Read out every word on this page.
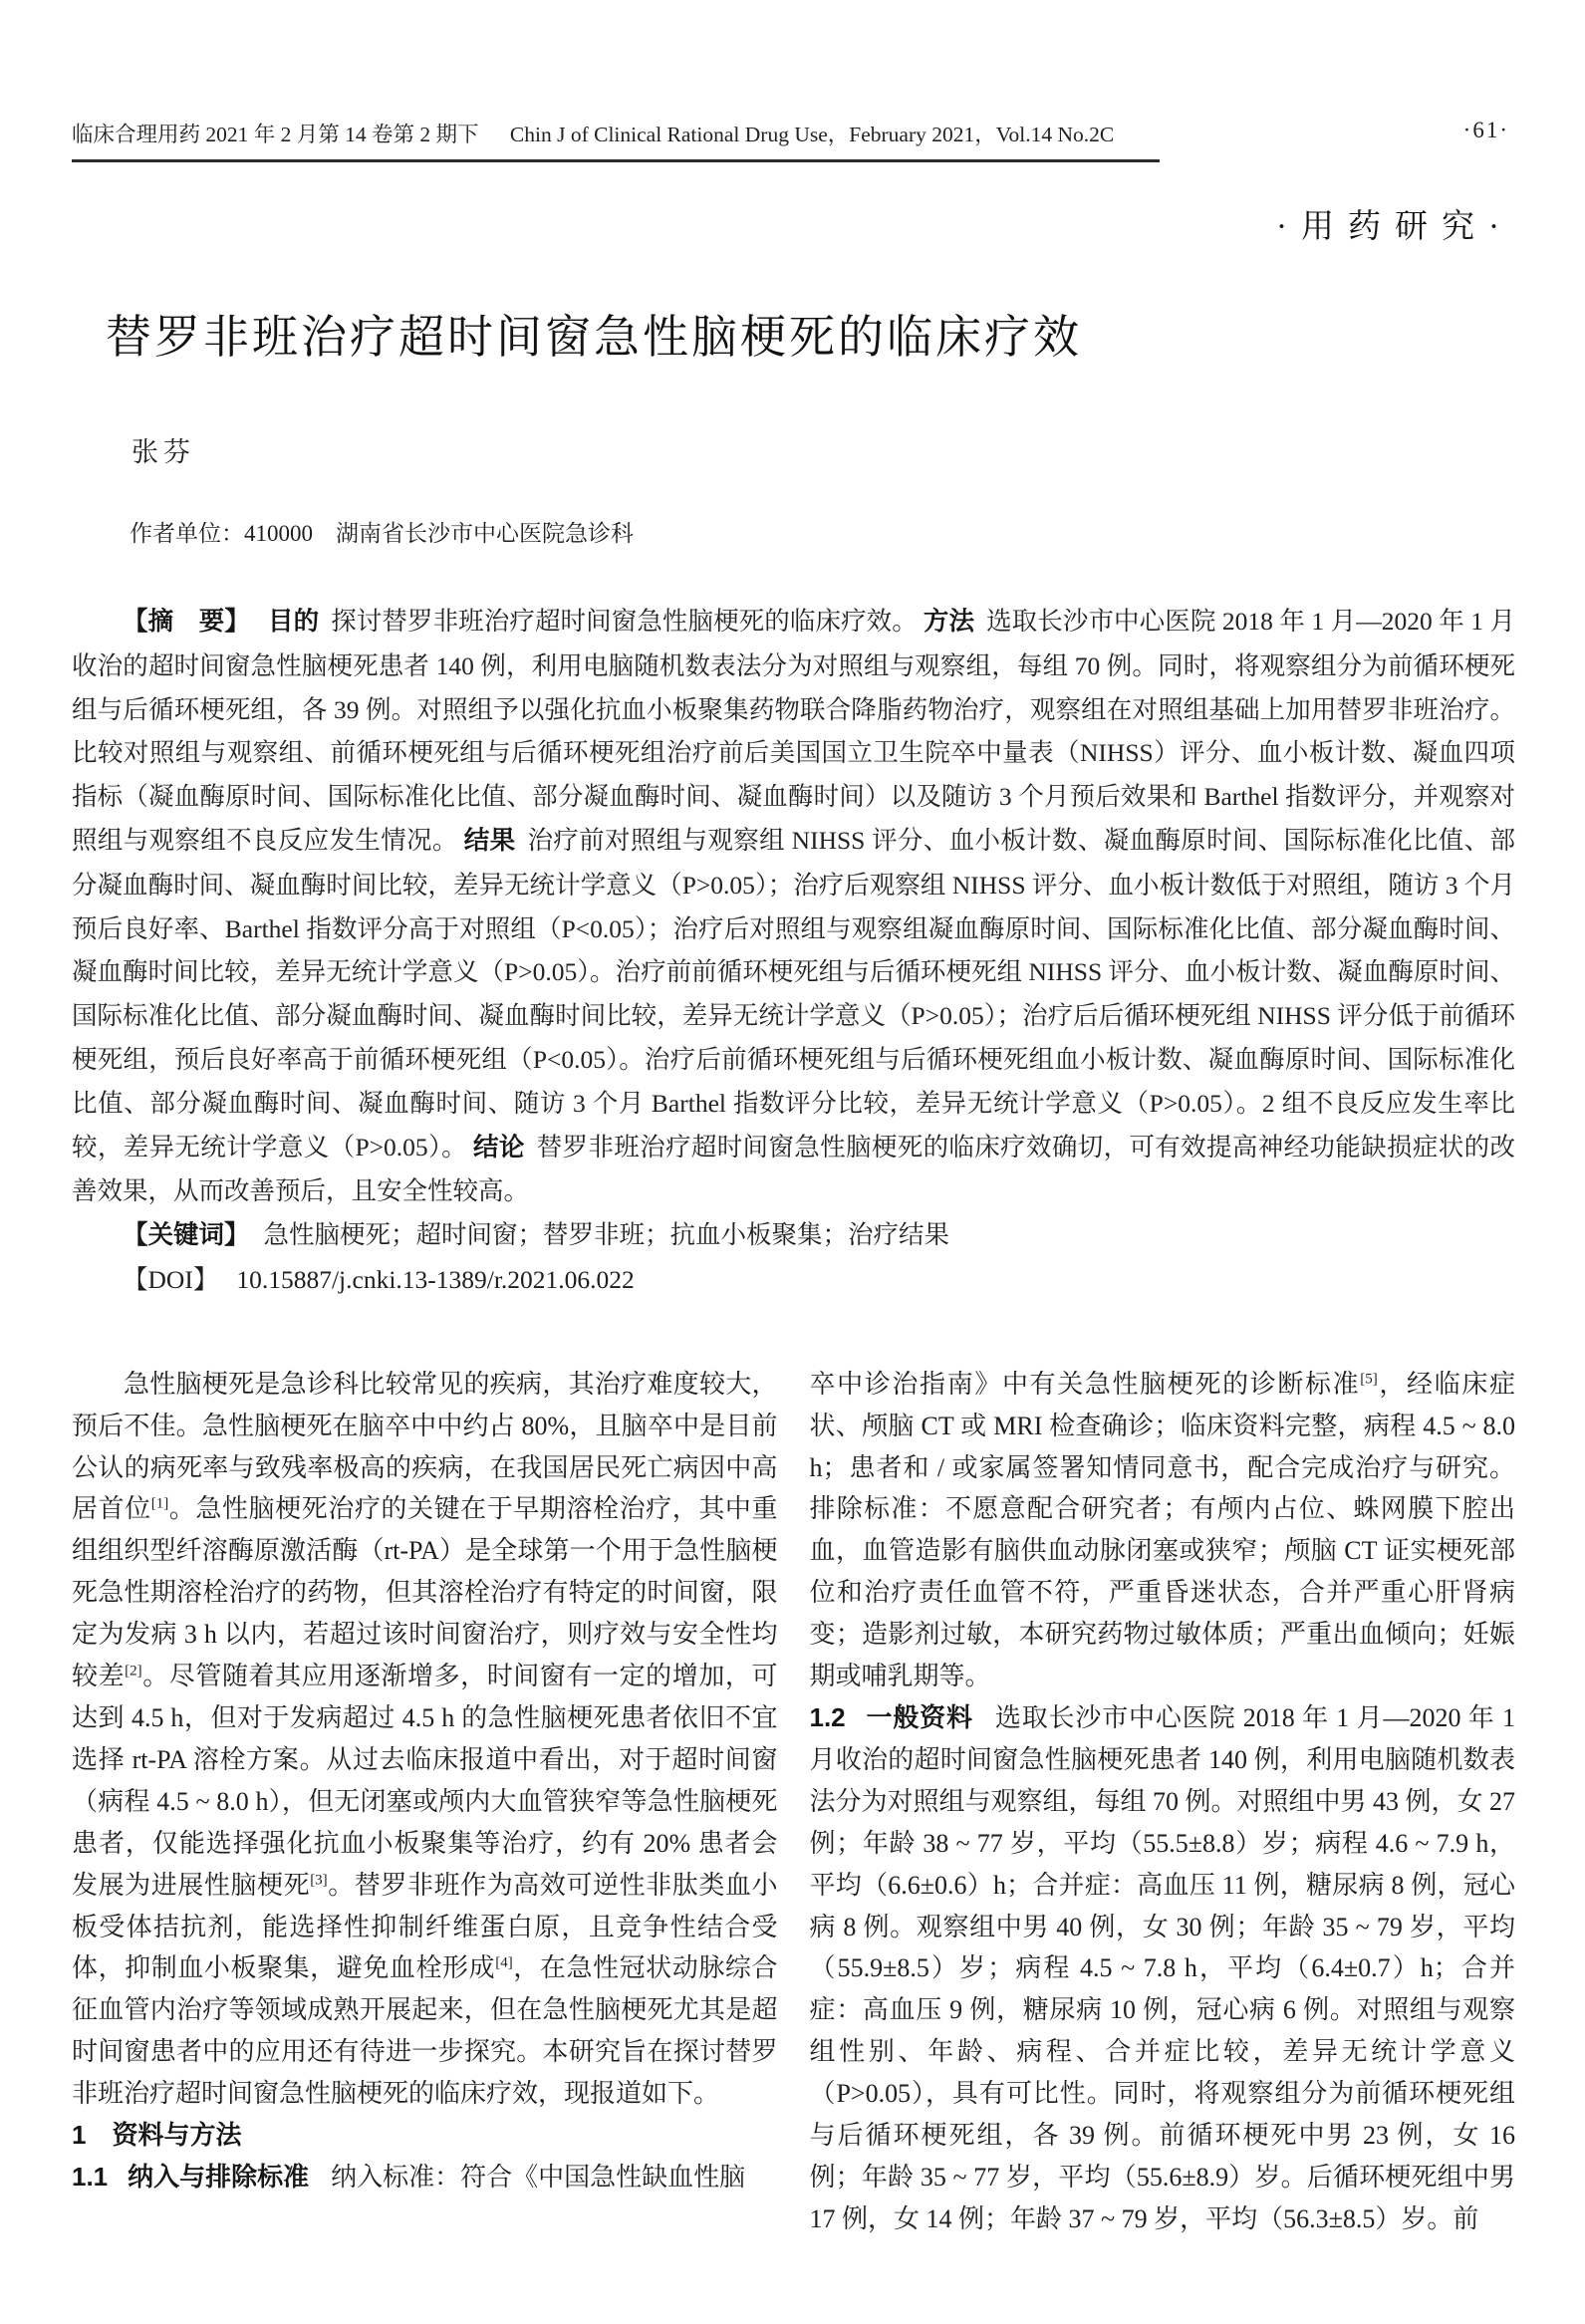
临床合理用药 2021 年 2 月第 14 卷第 2 期下 Chin J of Clinical Rational Drug Use，February 2021，Vol.14 No.2C	·61·
·用药研究·
替罗非班治疗超时间窗急性脑梗死的临床疗效
张芬
作者单位：410000　湖南省长沙市中心医院急诊科
【摘　要】 目的 探讨替罗非班治疗超时间窗急性脑梗死的临床疗效。 方法 选取长沙市中心医院 2018 年 1 月—2020 年 1 月收治的超时间窗急性脑梗死患者 140 例，利用电脑随机数表法分为对照组与观察组，每组 70 例。同时，将观察组分为前循环梗死组与后循环梗死组，各 39 例。对照组予以强化抗血小板聚集药物联合降脂药物治疗，观察组在对照组基础上加用替罗非班治疗。比较对照组与观察组、前循环梗死组与后循环梗死组治疗前后美国国立卫生院卒中量表（NIHSS）评分、血小板计数、凝血四项指标（凝血酶原时间、国际标准化比值、部分凝血酶时间、凝血酶时间）以及随访 3 个月预后效果和 Barthel 指数评分，并观察对照组与观察组不良反应发生情况。 结果 治疗前对照组与观察组 NIHSS 评分、血小板计数、凝血酶原时间、国际标准化比值、部分凝血酶时间、凝血酶时间比较，差异无统计学意义（P>0.05）；治疗后观察组 NIHSS 评分、血小板计数低于对照组，随访 3 个月预后良好率、Barthel 指数评分高于对照组（P<0.05）；治疗后对照组与观察组凝血酶原时间、国际标准化比值、部分凝血酶时间、凝血酶时间比较，差异无统计学意义（P>0.05）。治疗前前循环梗死组与后循环梗死组 NIHSS 评分、血小板计数、凝血酶原时间、国际标准化比值、部分凝血酶时间、凝血酶时间比较，差异无统计学意义（P>0.05）；治疗后后循环梗死组 NIHSS 评分低于前循环梗死组，预后良好率高于前循环梗死组（P<0.05）。治疗后前循环梗死组与后循环梗死组血小板计数、凝血酶原时间、国际标准化比值、部分凝血酶时间、凝血酶时间、随访 3 个月 Barthel 指数评分比较，差异无统计学意义（P>0.05）。2 组不良反应发生率比较，差异无统计学意义（P>0.05）。 结论 替罗非班治疗超时间窗急性脑梗死的临床疗效确切，可有效提高神经功能缺损症状的改善效果，从而改善预后，且安全性较高。
【关键词】 急性脑梗死；超时间窗；替罗非班；抗血小板聚集；治疗结果
【DOI】 10.15887/j.cnki.13-1389/r.2021.06.022

急性脑梗死是急诊科比较常见的疾病，其治疗难度较大，预后不佳。急性脑梗死在脑卒中中约占 80%，且脑卒中是目前公认的病死率与致残率极高的疾病，在我国居民死亡病因中高居首位[1]。急性脑梗死治疗的关键在于早期溶栓治疗，其中重组组织型纤溶酶原激活酶（rt-PA）是全球第一个用于急性脑梗死急性期溶栓治疗的药物，但其溶栓治疗有特定的时间窗，限定为发病 3 h 以内，若超过该时间窗治疗，则疗效与安全性均较差[2]。尽管随着其应用逐渐增多，时间窗有一定的增加，可达到 4.5 h，但对于发病超过 4.5 h 的急性脑梗死患者依旧不宜选择 rt-PA 溶栓方案。从过去临床报道中看出，对于超时间窗（病程 4.5 ~ 8.0 h），但无闭塞或颅内大血管狭窄等急性脑梗死患者，仅能选择强化抗血小板聚集等治疗，约有 20% 患者会发展为进展性脑梗死[3]。替罗非班作为高效可逆性非肽类血小板受体拮抗剂，能选择性抑制纤维蛋白原，且竞争性结合受体，抑制血小板聚集，避免血栓形成[4]，在急性冠状动脉综合征血管内治疗等领域成熟开展起来，但在急性脑梗死尤其是超时间窗患者中的应用还有待进一步探究。本研究旨在探讨替罗非班治疗超时间窗急性脑梗死的临床疗效，现报道如下。

1 资料与方法

1.1 纳入与排除标准 纳入标准：符合《中国急性缺血性脑

卒中诊治指南》中有关急性脑梗死的诊断标准[5]，经临床症状、颅脑 CT 或 MRI 检查确诊；临床资料完整，病程 4.5 ~ 8.0 h；患者和 / 或家属签署知情同意书，配合完成治疗与研究。排除标准：不愿意配合研究者；有颅内占位、蛛网膜下腔出血，血管造影有脑供血动脉闭塞或狭窄；颅脑 CT 证实梗死部位和治疗责任血管不符，严重昏迷状态，合并严重心肝肾病变；造影剂过敏，本研究药物过敏体质；严重出血倾向；妊娠期或哺乳期等。

1.2 一般资料 选取长沙市中心医院 2018 年 1 月—2020 年 1 月收治的超时间窗急性脑梗死患者 140 例，利用电脑随机数表法分为对照组与观察组，每组 70 例。对照组中男 43 例，女 27 例；年龄 38 ~ 77 岁，平均（55.5±8.8）岁；病程 4.6 ~ 7.9 h，平均（6.6±0.6）h；合并症：高血压 11 例，糖尿病 8 例，冠心病 8 例。观察组中男 40 例，女 30 例；年龄 35 ~ 79 岁，平均（55.9±8.5）岁；病程 4.5 ~ 7.8 h，平均（6.4±0.7）h；合并症：高血压 9 例，糖尿病 10 例，冠心病 6 例。对照组与观察组性别、年龄、病程、合并症比较，差异无统计学意义（P>0.05），具有可比性。同时，将观察组分为前循环梗死组与后循环梗死组，各 39 例。前循环梗死中男 23 例，女 16 例；年龄 35 ~ 77 岁，平均（55.6±8.9）岁。后循环梗死组中男 17 例，女 14 例；年龄 37 ~ 79 岁，平均（56.3±8.5）岁。前
